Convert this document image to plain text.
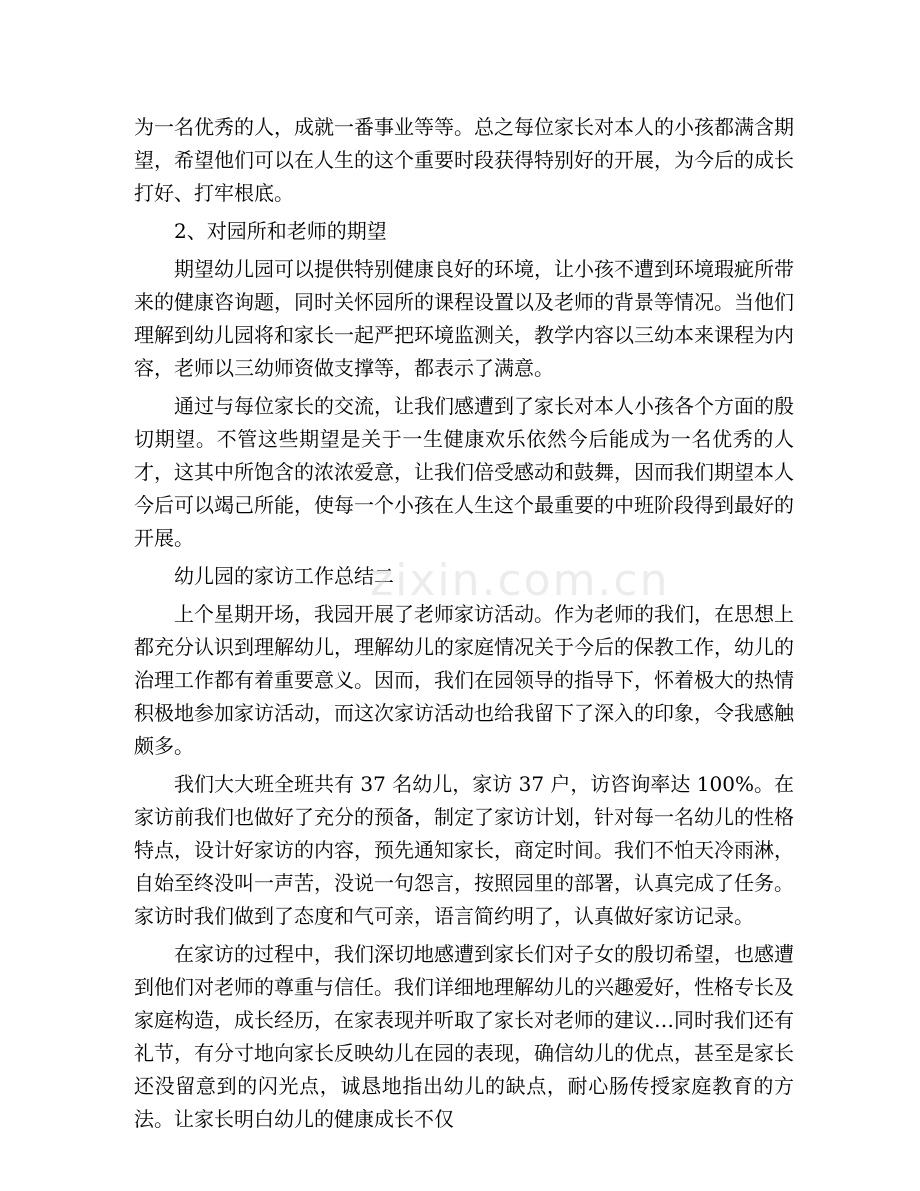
为一名优秀的人，成就一番事业等等。总之每位家长对本人的小孩都满含期望，希望他们可以在人生的这个重要时段获得特别好的开展，为今后的成长打好、打牢根底。

2、对园所和老师的期望

期望幼儿园可以提供特别健康良好的环境，让小孩不遭到环境瑕疵所带来的健康咨询题，同时关怀园所的课程设置以及老师的背景等情况。当他们理解到幼儿园将和家长一起严把环境监测关，教学内容以三幼本来课程为内容，老师以三幼师资做支撑等，都表示了满意。

通过与每位家长的交流，让我们感遭到了家长对本人小孩各个方面的殷切期望。不管这些期望是关于一生健康欢乐依然今后能成为一名优秀的人才，这其中所饱含的浓浓爱意，让我们倍受感动和鼓舞，因而我们期望本人今后可以竭己所能，使每一个小孩在人生这个最重要的中班阶段得到最好的开展。

幼儿园的家访工作总结二

上个星期开场，我园开展了老师家访活动。作为老师的我们，在思想上都充分认识到理解幼儿，理解幼儿的家庭情况关于今后的保教工作，幼儿的治理工作都有着重要意义。因而，我们在园领导的指导下，怀着极大的热情积极地参加家访活动，而这次家访活动也给我留下了深入的印象，令我感触颇多。

我们大大班全班共有 37 名幼儿，家访 37 户，访咨询率达 100%。在家访前我们也做好了充分的预备，制定了家访计划，针对每一名幼儿的性格特点，设计好家访的内容，预先通知家长，商定时间。我们不怕天冷雨淋，自始至终没叫一声苦，没说一句怨言，按照园里的部署，认真完成了任务。家访时我们做到了态度和气可亲，语言简约明了，认真做好家访记录。

在家访的过程中，我们深切地感遭到家长们对子女的殷切希望，也感遭到他们对老师的尊重与信任。我们详细地理解幼儿的兴趣爱好，性格专长及家庭构造，成长经历，在家表现并听取了家长对老师的建议…同时我们还有礼节，有分寸地向家长反映幼儿在园的表现，确信幼儿的优点，甚至是家长还没留意到的闪光点，诚恳地指出幼儿的缺点，耐心肠传授家庭教育的方法。让家长明白幼儿的健康成长不仅

zixin.com.cn
